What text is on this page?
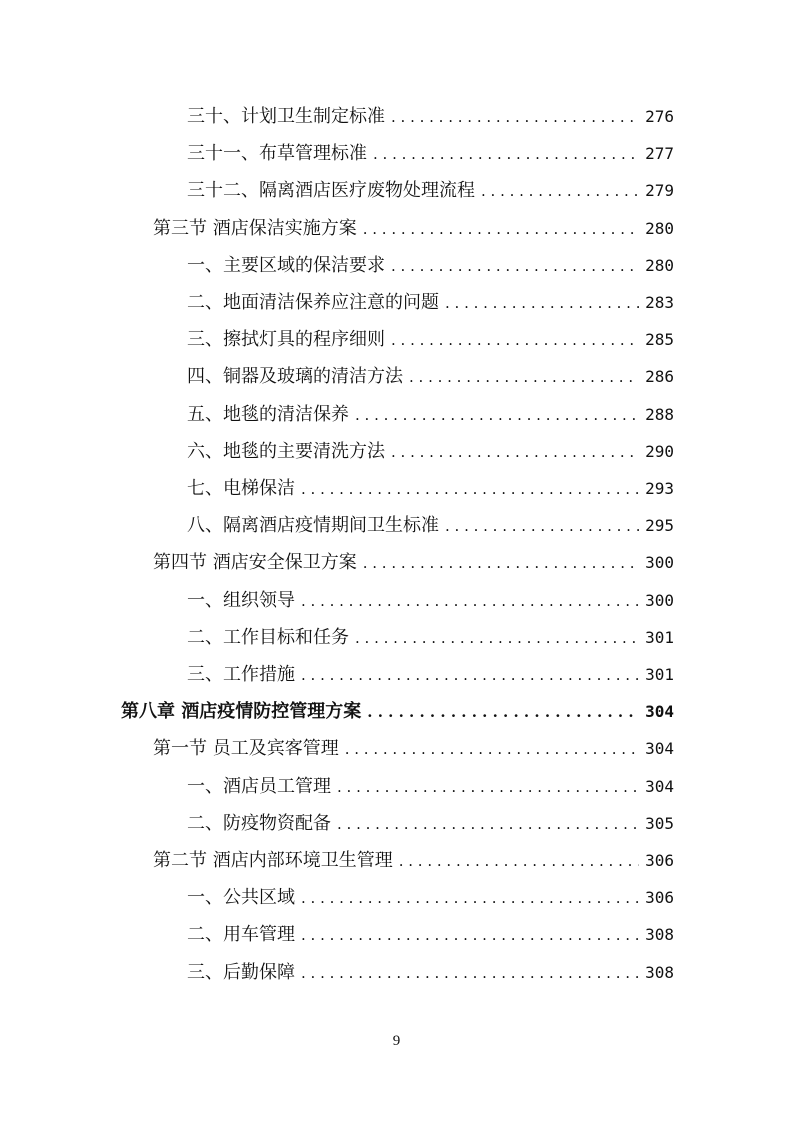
三十、计划卫生制定标准 . . .	276
三十一、布草管理标准 . . .	277
三十二、隔离酒店医疗废物处理流程 . . .	279
第三节 酒店保洁实施方案 . . .	280
一、主要区域的保洁要求 . . .	280
二、地面清洁保养应注意的问题 . . .	283
三、擦拭灯具的程序细则 . . .	285
四、铜器及玻璃的清洁方法 . . .	286
五、地毯的清洁保养 . . .	288
六、地毯的主要清洗方法 . . .	290
七、电梯保洁 . . .	293
八、隔离酒店疫情期间卫生标准 . . .	295
第四节 酒店安全保卫方案 . . .	300
一、组织领导 . . .	300
二、工作目标和任务 . . .	301
三、工作措施 . . .	301
第八章 酒店疫情防控管理方案 . . .	304
第一节 员工及宾客管理 . . .	304
一、酒店员工管理 . . .	304
二、防疫物资配备 . . .	305
第二节 酒店内部环境卫生管理 . . .	306
一、公共区域 . . .	306
二、用车管理 . . .	308
三、后勤保障 . . .	308
9
